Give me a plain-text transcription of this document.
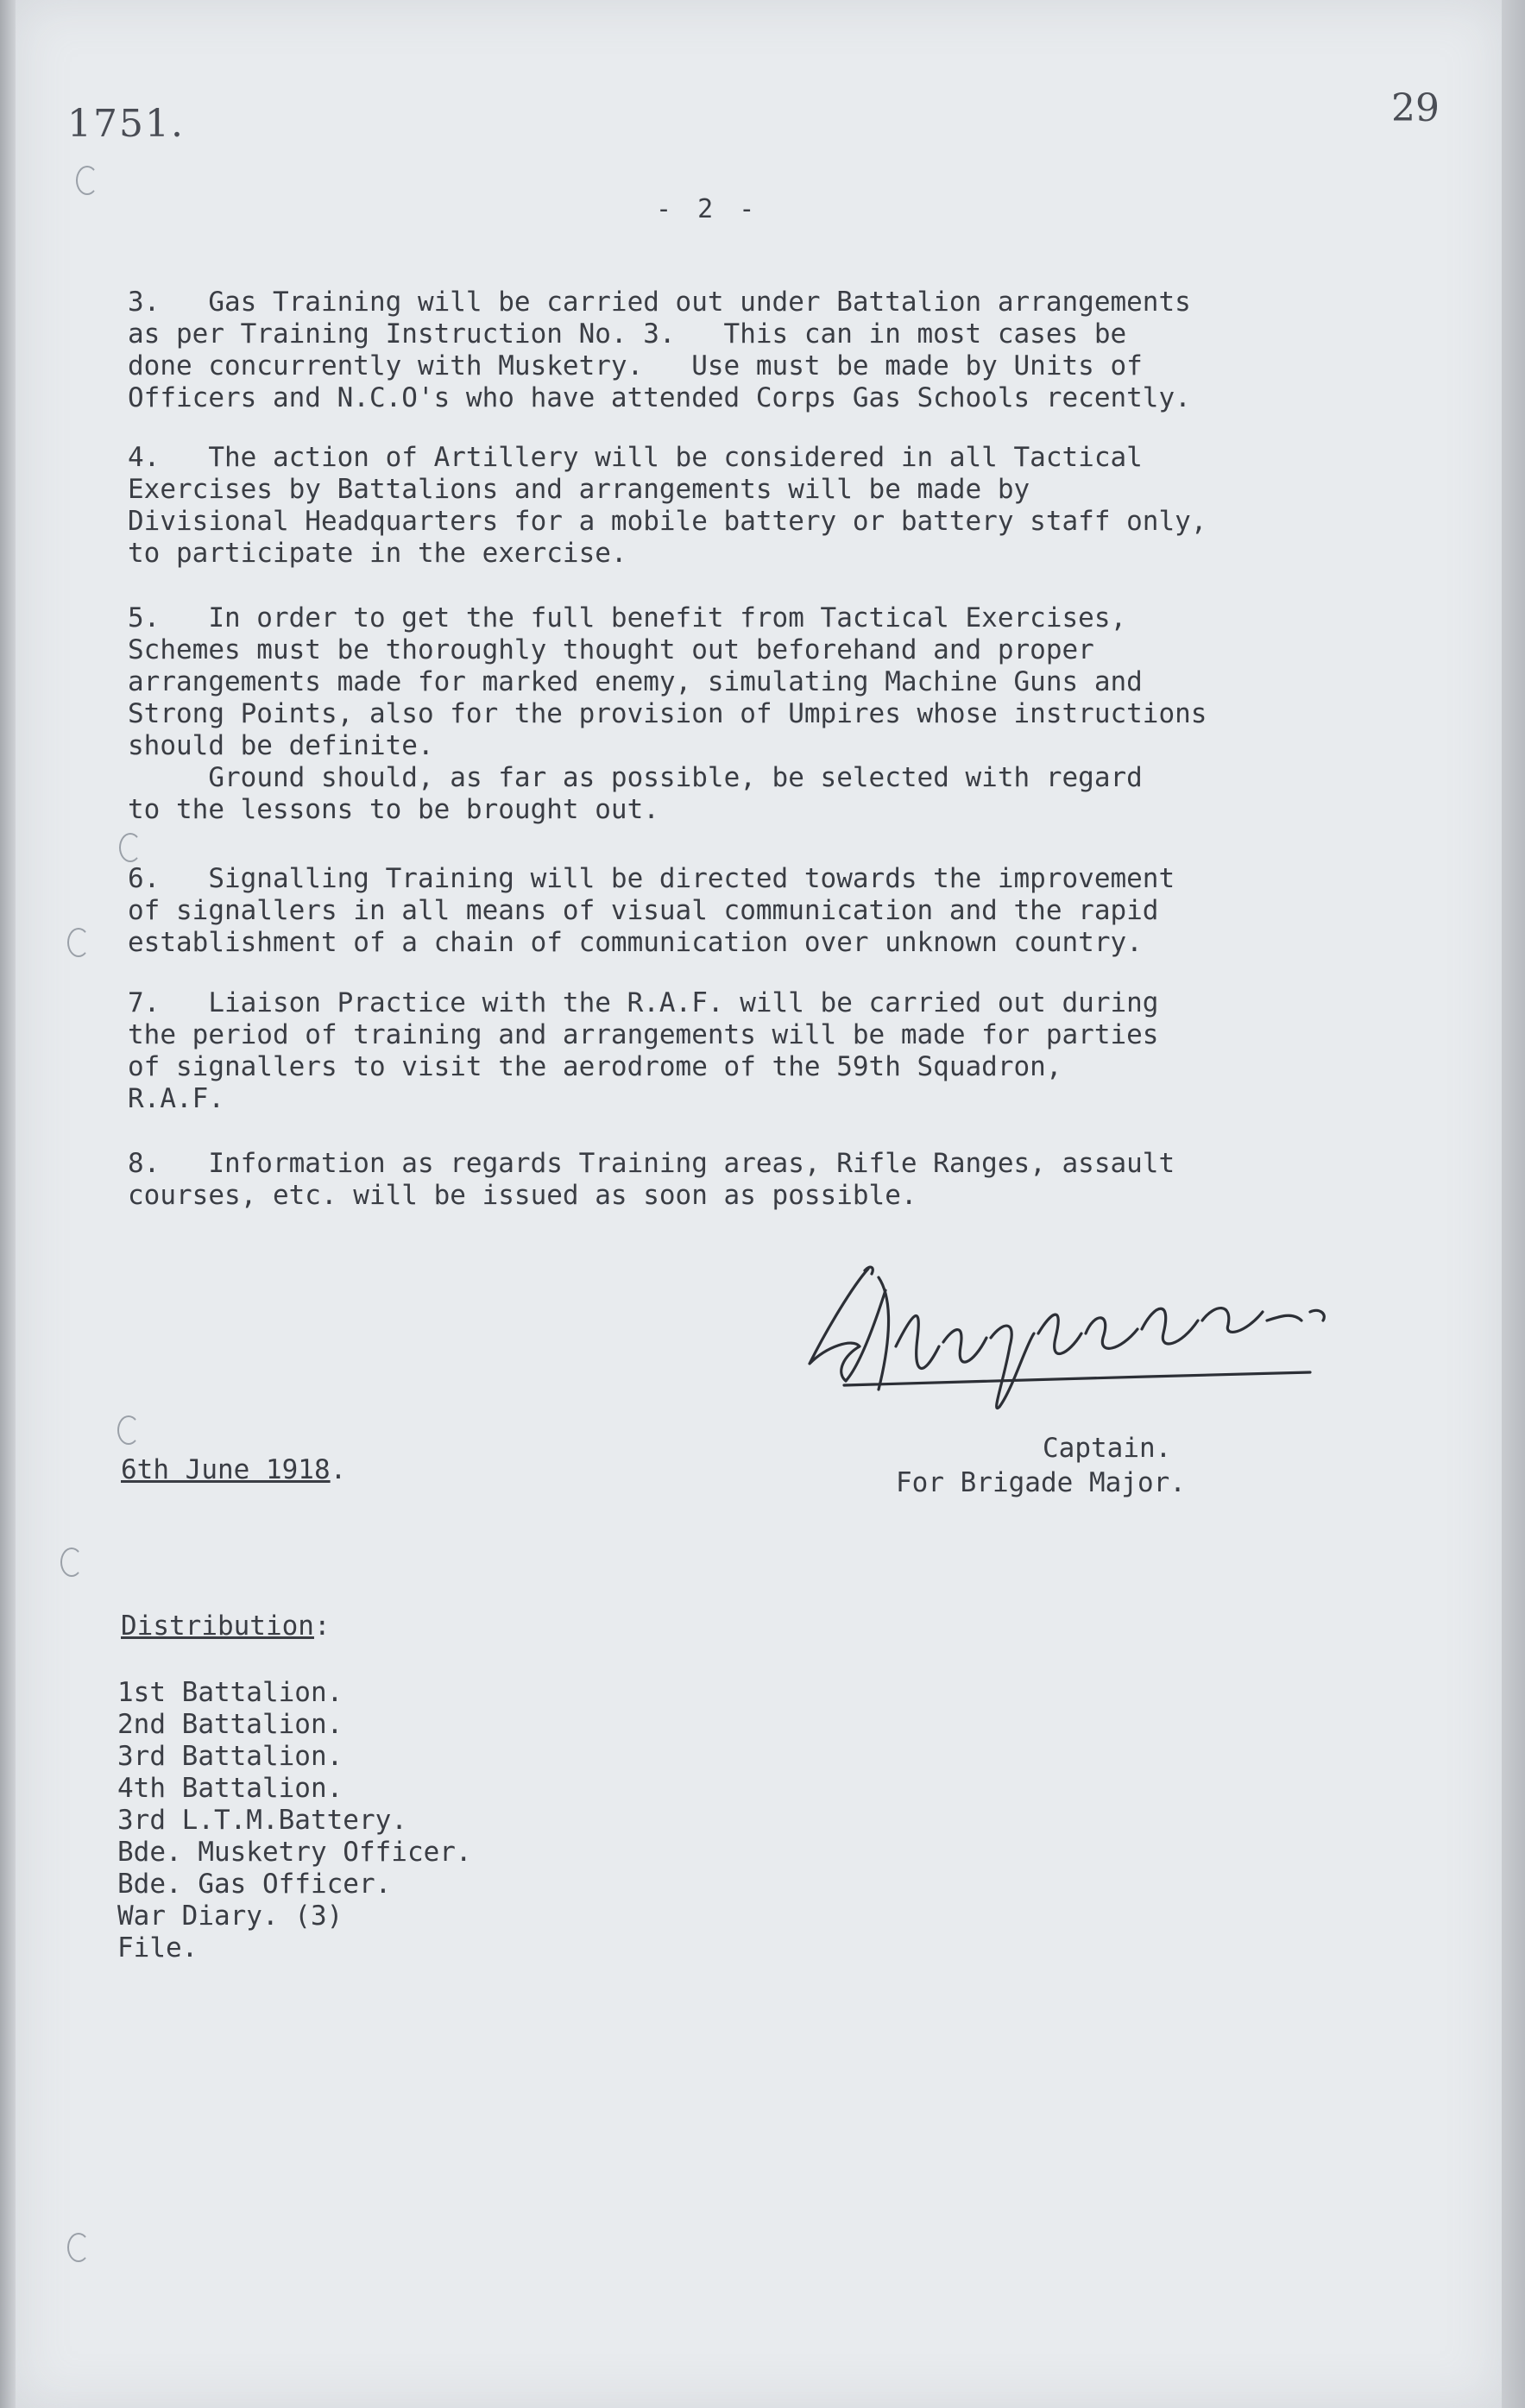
1751.	29
- 2 -

3.   Gas Training will be carried out under Battalion arrangements
as per Training Instruction No. 3.   This can in most cases be
done concurrently with Musketry.   Use must be made by Units of
Officers and N.C.O's who have attended Corps Gas Schools recently.

4.   The action of Artillery will be considered in all Tactical
Exercises by Battalions and arrangements will be made by
Divisional Headquarters for a mobile battery or battery staff only,
to participate in the exercise.

5.   In order to get the full benefit from Tactical Exercises,
Schemes must be thoroughly thought out beforehand and proper
arrangements made for marked enemy, simulating Machine Guns and
Strong Points, also for the provision of Umpires whose instructions
should be definite.
Ground should, as far as possible, be selected with regard
to the lessons to be brought out.

6.   Signalling Training will be directed towards the improvement
of signallers in all means of visual communication and the rapid
establishment of a chain of communication over unknown country.

7.   Liaison Practice with the R.A.F. will be carried out during
the period of training and arrangements will be made for parties
of signallers to visit the aerodrome of the 59th Squadron,
R.A.F.

8.   Information as regards Training areas, Rifle Ranges, assault
courses, etc. will be issued as soon as possible.

Captain.
6th June 1918.	For Brigade Major.
Distribution:
1st Battalion.
2nd Battalion.
3rd Battalion.
4th Battalion.
3rd L.T.M.Battery.
Bde. Musketry Officer.
Bde. Gas Officer.
War Diary. (3)
File.
